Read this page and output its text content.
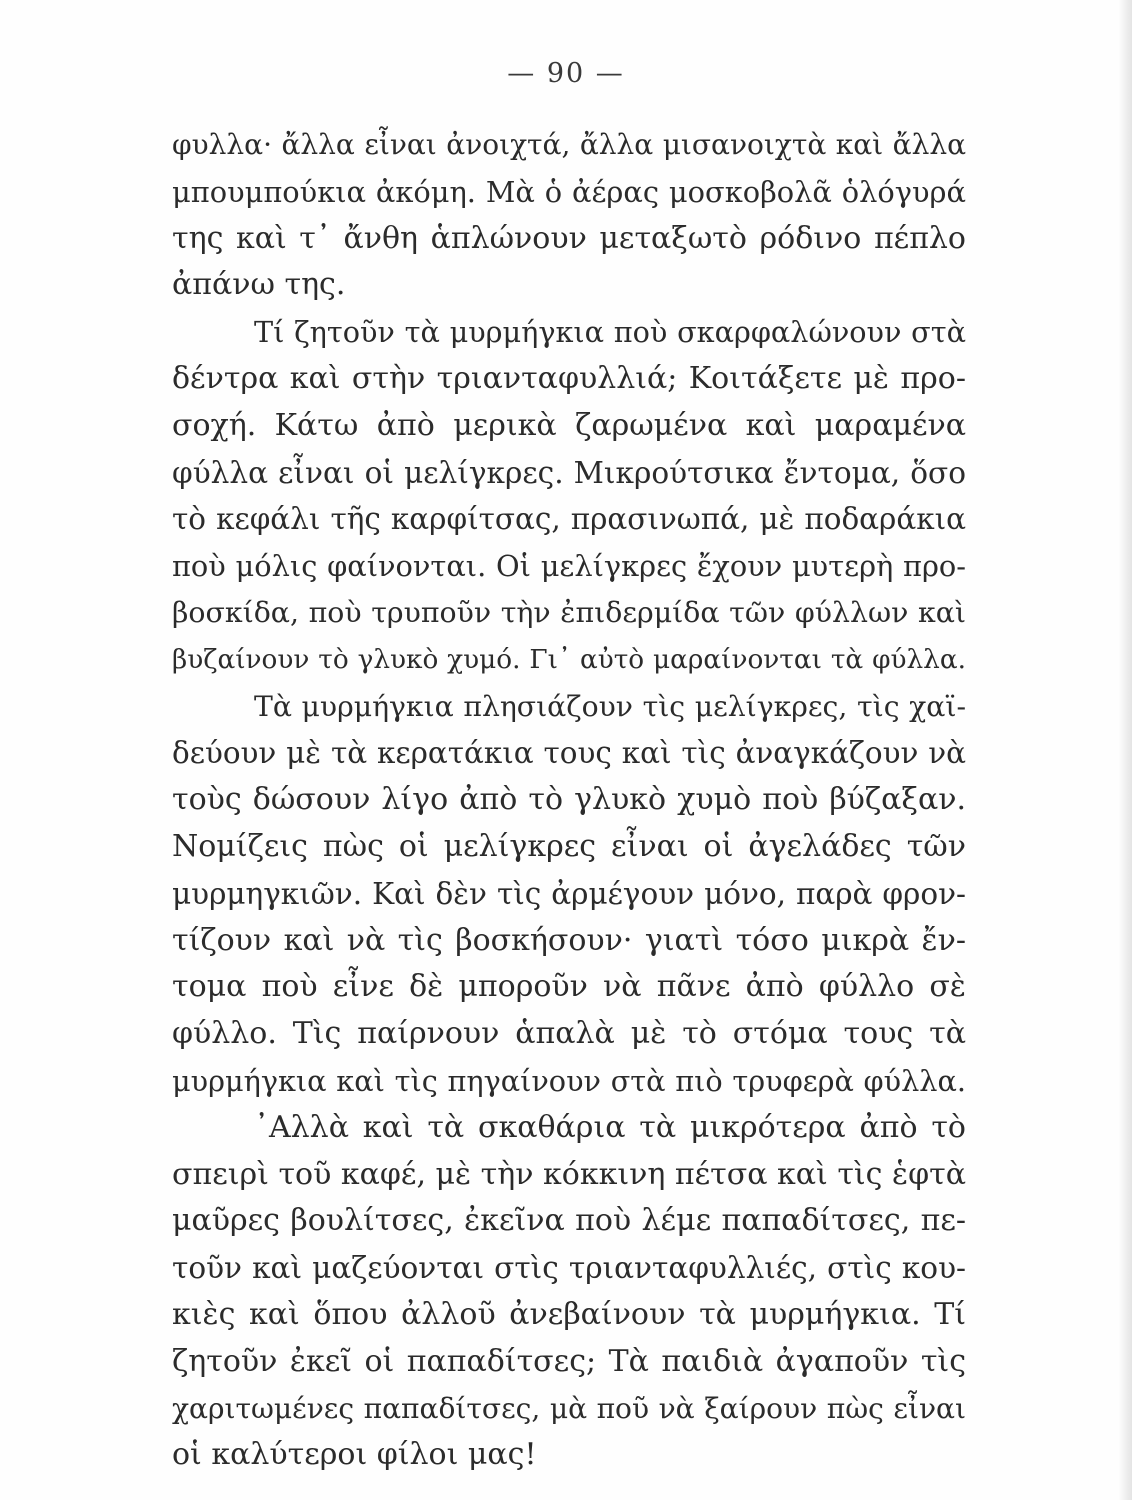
— 90 —
φυλλα· ἄλλα εἶναι ἀνοιχτά, ἄλλα μισανοιχτὰ καὶ ἄλλα
μπουμπούκια ἀκόμη. Μὰ ὁ ἀέρας μοσκοβολᾶ ὁλόγυρά
της καὶ τ᾽ ἄνθη ἁπλώνουν μεταξωτὸ ρόδινο πέπλο
ἀπάνω της.
Τί ζητοῦν τὰ μυρμήγκια ποὺ σκαρφαλώνουν στὰ
δέντρα καὶ στὴν τριανταφυλλιά; Κοιτάξετε μὲ προ-
σοχή. Κάτω ἀπὸ μερικὰ ζαρωμένα καὶ μαραμένα
φύλλα εἶναι οἱ μελίγκρες. Μικρούτσικα ἔντομα, ὅσο
τὸ κεφάλι τῆς καρφίτσας, πρασινωπά, μὲ ποδαράκια
ποὺ μόλις φαίνονται. Οἱ μελίγκρες ἔχουν μυτερὴ προ-
βοσκίδα, ποὺ τρυποῦν τὴν ἐπιδερμίδα τῶν φύλλων καὶ
βυζαίνουν τὸ γλυκὸ χυμό. Γι᾽ αὐτὸ μαραίνονται τὰ φύλλα.
Τὰ μυρμήγκια πλησιάζουν τὶς μελίγκρες, τὶς χαϊ-
δεύουν μὲ τὰ κερατάκια τους καὶ τὶς ἀναγκάζουν νὰ
τοὺς δώσουν λίγο ἀπὸ τὸ γλυκὸ χυμὸ ποὺ βύζαξαν.
Νομίζεις πὼς οἱ μελίγκρες εἶναι οἱ ἀγελάδες τῶν
μυρμηγκιῶν. Καὶ δὲν τὶς ἀρμέγουν μόνο, παρὰ φρον-
τίζουν καὶ νὰ τὶς βοσκήσουν· γιατὶ τόσο μικρὰ ἔν-
τομα ποὺ εἶνε δὲ μποροῦν νὰ πᾶνε ἀπὸ φύλλο σὲ
φύλλο. Τὶς παίρνουν ἁπαλὰ μὲ τὸ στόμα τους τὰ
μυρμήγκια καὶ τὶς πηγαίνουν στὰ πιὸ τρυφερὰ φύλλα.
᾽Αλλὰ καὶ τὰ σκαθάρια τὰ μικρότερα ἀπὸ τὸ
σπειρὶ τοῦ καφέ, μὲ τὴν κόκκινη πέτσα καὶ τὶς ἑφτὰ
μαῦρες βουλίτσες, ἐκεῖνα ποὺ λέμε παπαδίτσες, πε-
τοῦν καὶ μαζεύονται στὶς τριανταφυλλιές, στὶς κου-
κιὲς καὶ ὅπου ἀλλοῦ ἀνεβαίνουν τὰ μυρμήγκια. Τί
ζητοῦν ἐκεῖ οἱ παπαδίτσες; Τὰ παιδιὰ ἀγαποῦν τὶς
χαριτωμένες παπαδίτσες, μὰ ποῦ νὰ ξαίρουν πὼς εἶναι
οἱ καλύτεροι φίλοι μας!
